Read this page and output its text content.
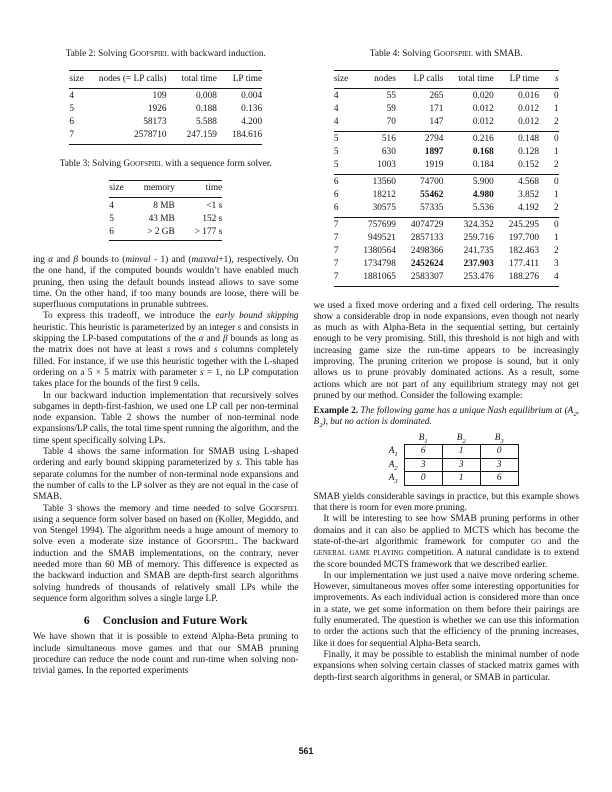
Table 2: Solving Goofspiel with backward induction.
size	nodes (= LP calls)	total time	LP time
4	109	0.008	0.004
5	1926	0.188	0.136
6	58173	5.588	4.200
7	2578710	247.159	184.616
Table 3: Solving Goofspiel with a sequence form solver.
size	memory	time
4	8 MB	<1 s
5	43 MB	152 s
6	> 2 GB	> 177 s

ing α and β bounds to (minval - 1) and (maxval+1), respectively. On the one hand, if the computed bounds wouldn’t have enabled much pruning, then using the default bounds instead allows to save some time. On the other hand, if too many bounds are loose, there will be superfluous computations in prunable subtrees.

To express this tradeoff, we introduce the early bound skipping heuristic. This heuristic is parameterized by an integer s and consists in skipping the LP-based computations of the α and β bounds as long as the matrix does not have at least s rows and s columns completely filled. For instance, if we use this heuristic together with the L-shaped ordering on a 5 × 5 matrix with parameter s = 1, no LP computation takes place for the bounds of the first 9 cells.

In our backward induction implementation that recursively solves subgames in depth-first-fashion, we used one LP call per non-terminal node expansion. Table 2 shows the number of non-terminal node expansions/LP calls, the total time spent running the algorithm, and the time spent specifically solving LPs.

Table 4 shows the same information for SMAB using L-shaped ordering and early bound skipping parameterized by s. This table has separate columns for the number of non-terminal node expansions and the number of calls to the LP solver as they are not equal in the case of SMAB.

Table 3 shows the memory and time needed to solve Goofspiel using a sequence form solver based on based on (Koller, Megiddo, and von Stengel 1994). The algorithm needs a huge amount of memory to solve even a moderate size instance of Goofspiel. The backward induction and the SMAB implementations, on the contrary, never needed more than 60 MB of memory. This difference is expected as the backward induction and SMAB are depth-first search algorithms solving hundreds of thousands of relatively small LPs while the sequence form algorithm solves a single large LP.

6 Conclusion and Future Work

We have shown that it is possible to extend Alpha-Beta pruning to include simultaneous move games and that our SMAB pruning procedure can reduce the node count and run-time when solving non-trivial games. In the reported experiments

Table 4: Solving Goofspiel with SMAB.
size	nodes	LP calls	total time	LP time	s
4	55	265	0.020	0.016	0
4	59	171	0.012	0.012	1
4	70	147	0.012	0.012	2
5	516	2794	0.216	0.148	0
5	630	1897	0.168	0.128	1
5	1003	1919	0.184	0.152	2
6	13560	74700	5.900	4.568	0
6	18212	55462	4.980	3.852	1
6	30575	57335	5.536	4.192	2
7	757699	4074729	324.352	245.295	0
7	949521	2857133	259.716	197.700	1
7	1380564	2498366	241.735	182.463	2
7	1734798	2452624	237.903	177.411	3
7	1881065	2583307	253.476	188.276	4

we used a fixed move ordering and a fixed cell ordering. The results show a considerable drop in node expansions, even though not nearly as much as with Alpha-Beta in the sequential setting, but certainly enough to be very promising. Still, this threshold is not high and with increasing game size the run-time appears to be increasingly improving. The pruning criterion we propose is sound, but it only allows us to prune provably dominated actions. As a result, some actions which are not part of any equilibrium strategy may not get pruned by our method. Consider the following example:

Example 2. The following game has a unique Nash equilibrium at ($A_2$, $B_2$), but no action is dominated.

	$B_1$	$B_2$	$B_3$
$A_1$	6	1	0
$A_2$	3	3	3
$A_3$	0	1	6

SMAB yields considerable savings in practice, but this example shows that there is room for even more pruning.

It will be interesting to see how SMAB pruning performs in other domains and it can also be applied to MCTS which has become the state-of-the-art algorithmic framework for computer go and the general game playing competition. A natural candidate is to extend the score bounded MCTS framework that we described earlier.

In our implementation we just used a naive move ordering scheme. However, simultaneous moves offer some interesting opportunities for improvements. As each individual action is considered more than once in a state, we get some information on them before their pairings are fully enumerated. The question is whether we can use this information to order the actions such that the efficiency of the pruning increases, like it does for sequential Alpha-Beta search.

Finally, it may be possible to establish the minimal number of node expansions when solving certain classes of stacked matrix games with depth-first search algorithms in general, or SMAB in particular.

561
